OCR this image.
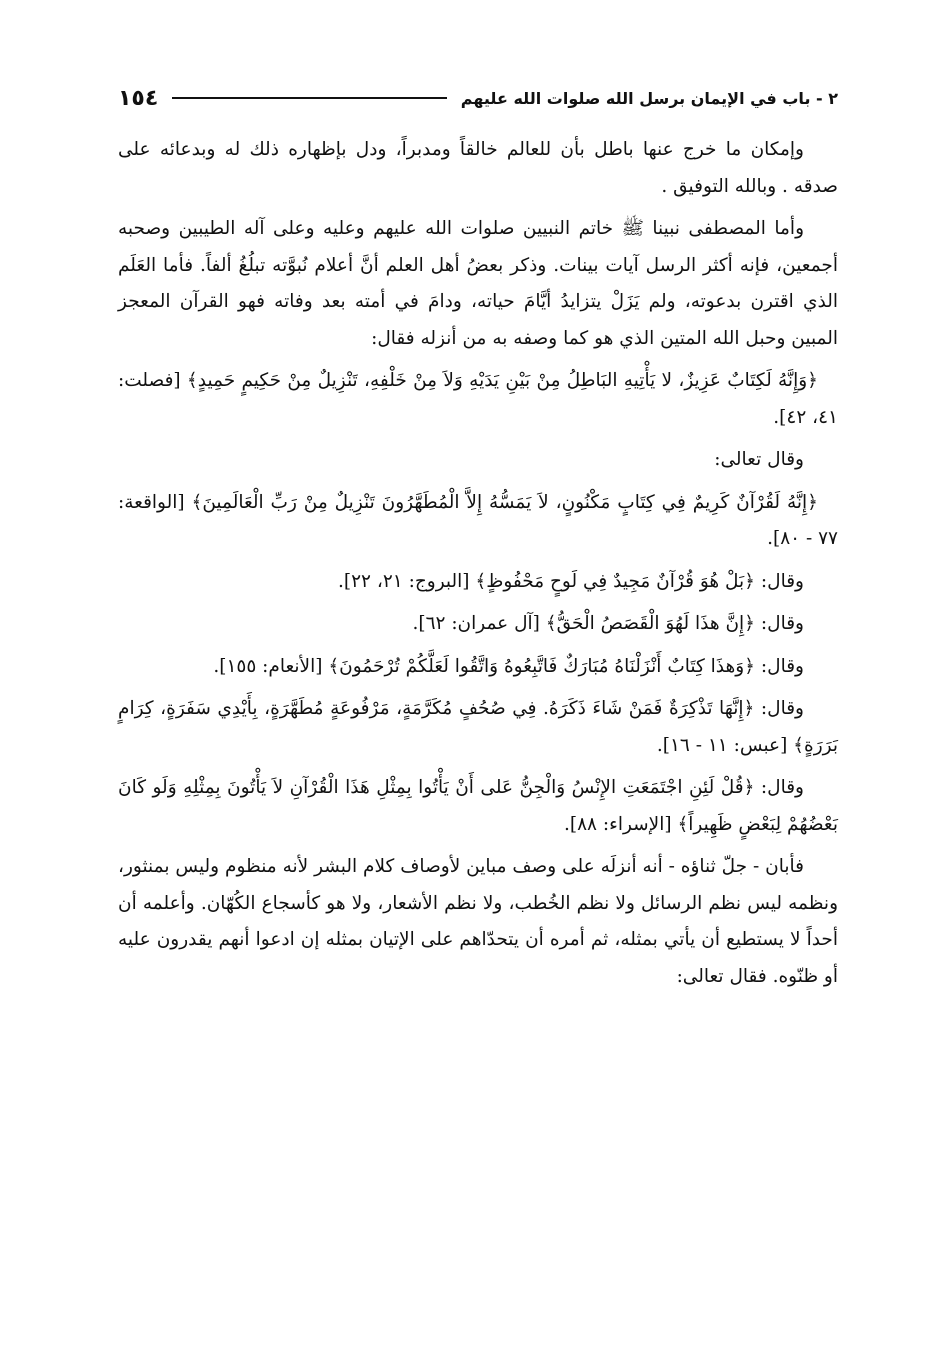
١٥٤	٢ - باب في الإيمان برسل الله صلوات الله عليهم

وإمكان ما خرج عنها باطل بأن للعالم خالقاً ومدبراً، ودل بإظهاره ذلك له وبدعائه على صدقه . وبالله التوفيق .

وأما المصطفى نبينا ﷺ خاتم النبيين صلوات الله عليهم وعليه وعلى آله الطيبين وصحبه أجمعين، فإنه أكثر الرسل آيات بينات. وذكر بعضُ أهل العلم أنَّ أعلام نُبوَّته تبلُغُ ألفاً. فأما العَلَم الذي اقترن بدعوته، ولم يَزَلْ يتزايدُ أيَّامَ حياته، ودامَ في أمته بعد وفاته فهو القرآن المعجز المبين وحبل الله المتين الذي هو كما وصفه به من أنزله فقال:

﴿وَإِنَّهُ لَكِتَابٌ عَزِيزٌ، لا يَأْتِيهِ البَاطِلُ مِنْ بَيْنِ يَدَيْهِ وَلاَ مِنْ خَلْفِهِ، تَنْزِيلٌ مِنْ حَكِيمٍ حَمِيدٍ﴾ [فصلت: ٤١، ٤٢].

وقال تعالى:

﴿إِنَّهُ لَقُرْآنٌ كَرِيمٌ فِي كِتَابٍ مَكْنُونٍ، لاَ يَمَسُّهُ إِلاَّ الْمُطَهَّرُونَ تَنْزِيلٌ مِنْ رَبِّ الْعَالَمِينَ﴾ [الواقعة: ٧٧ - ٨٠].

وقال: ﴿بَلْ هُوَ قُرْآنٌ مَجِيدٌ فِي لَوحٍ مَحْفُوظٍ﴾ [البروج: ٢١، ٢٢].

وقال: ﴿إِنَّ هذَا لَهُوَ الْقَصَصُ الْحَقُّ﴾ [آل عمران: ٦٢].

وقال: ﴿وَهذَا كِتَابٌ أَنْزَلْنَاهُ مُبَارَكٌ فَاتَّبِعُوهُ وَاتَّقُوا لَعَلَّكُمْ تُرْحَمُونَ﴾ [الأنعام: ١٥٥].

وقال: ﴿إِنَّهَا تَذْكِرَةٌ فَمَنْ شَاءَ ذَكَرَهُ. فِي صُحُفٍ مُكَرَّمَةٍ، مَرْفُوعَةٍ مُطَهَّرَةٍ، بِأَيْدِي سَفَرَةٍ، كِرَامٍ بَرَرَةٍ﴾ [عبس: ١١ - ١٦].

وقال: ﴿قُلْ لَئِنِ اجْتَمَعَتِ الإِنْسُ وَالْجِنُّ عَلى أَنْ يَأْتُوا بِمِثْلِ هَذَا الْقُرْآنِ لاَ يَأْتُونَ بِمِثْلِهِ وَلَو كَانَ بَعْضُهُمْ لِبَعْضٍ ظَهِيراً﴾ [الإسراء: ٨٨].

فأبان - جلّ ثناؤه - أنه أنزلَه على وصف مباين لأوصاف كلام البشر لأنه منظوم وليس بمنثور، ونظمه ليس نظم الرسائل ولا نظم الخُطب، ولا نظم الأشعار، ولا هو كأسجاع الكُهّان. وأعلمه أن أحداً لا يستطيع أن يأتي بمثله، ثم أمره أن يتحدّاهم على الإتيان بمثله إن ادعوا أنهم يقدرون عليه أو ظنّوه. فقال تعالى:
